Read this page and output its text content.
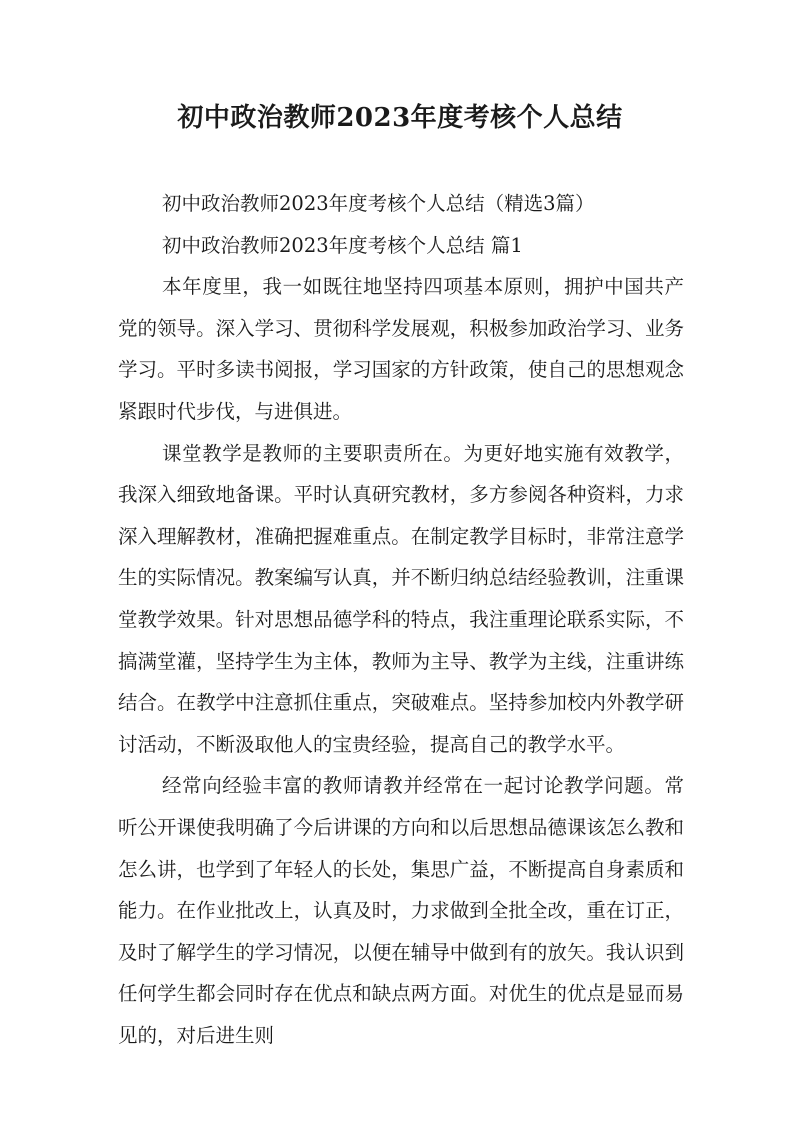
初中政治教师2023年度考核个人总结

初中政治教师2023年度考核个人总结（精选3篇）

初中政治教师2023年度考核个人总结 篇1

本年度里，我一如既往地坚持四项基本原则，拥护中国共产党的领导。深入学习、贯彻科学发展观，积极参加政治学习、业务学习。平时多读书阅报，学习国家的方针政策，使自己的思想观念紧跟时代步伐，与进俱进。

课堂教学是教师的主要职责所在。为更好地实施有效教学，我深入细致地备课。平时认真研究教材，多方参阅各种资料，力求深入理解教材，准确把握难重点。在制定教学目标时，非常注意学生的实际情况。教案编写认真，并不断归纳总结经验教训，注重课堂教学效果。针对思想品德学科的特点，我注重理论联系实际，不搞满堂灌，坚持学生为主体，教师为主导、教学为主线，注重讲练结合。在教学中注意抓住重点，突破难点。坚持参加校内外教学研讨活动，不断汲取他人的宝贵经验，提高自己的教学水平。

经常向经验丰富的教师请教并经常在一起讨论教学问题。常听公开课使我明确了今后讲课的方向和以后思想品德课该怎么教和怎么讲，也学到了年轻人的长处，集思广益，不断提高自身素质和能力。在作业批改上，认真及时，力求做到全批全改，重在订正，及时了解学生的学习情况，以便在辅导中做到有的放矢。我认识到任何学生都会同时存在优点和缺点两方面。对优生的优点是显而易见的，对后进生则
